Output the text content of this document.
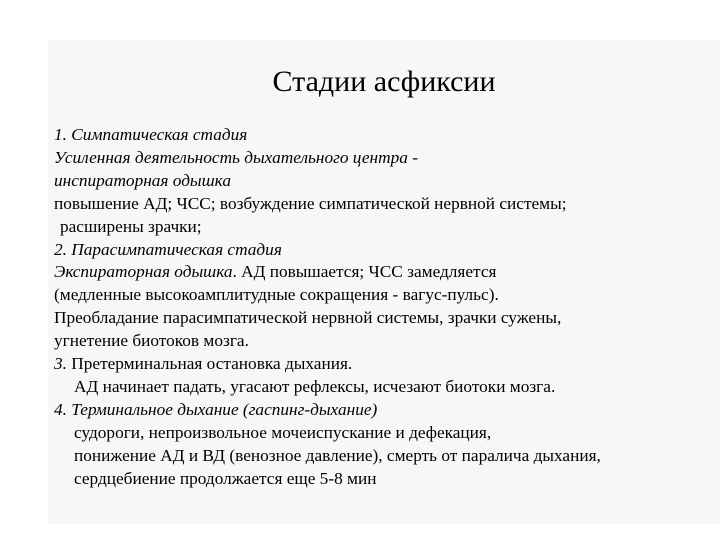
Стадии асфиксии
1. Симпатическая стадия
Усиленная деятельность дыхательного центра -
инспираторная одышка
повышение АД; ЧСС; возбуждение симпатической нервной системы;
расширены зрачки;
2. Парасимпатическая стадия
Экспираторная одышка. АД повышается; ЧСС замедляется
(медленные высокоамплитудные сокращения - вагус-пульс).
Преобладание парасимпатической нервной системы, зрачки сужены,
угнетение биотоков мозга.
3. Претерминальная остановка дыхания.
АД начинает падать, угасают рефлексы, исчезают биотоки мозга.
4. Терминальное дыхание (гаспинг-дыхание)
судороги, непроизвольное мочеиспускание и дефекация,
понижение АД и ВД (венозное давление), смерть от паралича дыхания,
сердцебиение продолжается еще 5-8 мин
